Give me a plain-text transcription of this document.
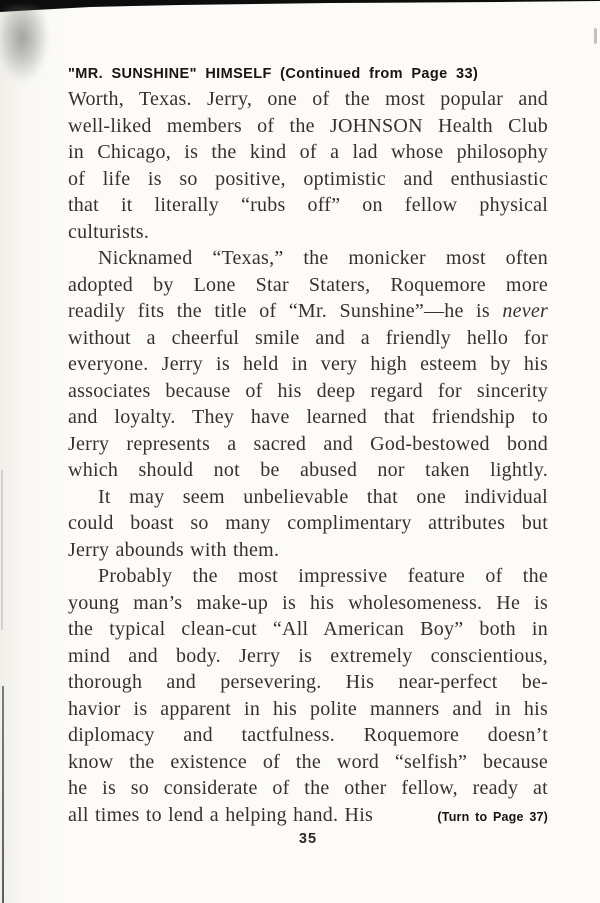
"MR. SUNSHINE" HIMSELF (Continued from Page 33)
Worth, Texas. Jerry, one of the most popular and
well-liked members of the JOHNSON Health Club
in Chicago, is the kind of a lad whose philosophy
of life is so positive, optimistic and enthusiastic
that it literally “rubs off” on fellow physical
culturists.
Nicknamed “Texas,” the monicker most often
adopted by Lone Star Staters, Roquemore more
readily fits the title of “Mr. Sunshine”—he is never
without a cheerful smile and a friendly hello for
everyone. Jerry is held in very high esteem by his
associates because of his deep regard for sincerity
and loyalty. They have learned that friendship to
Jerry represents a sacred and God-bestowed bond
which should not be abused nor taken lightly.
It may seem unbelievable that one individual
could boast so many complimentary attributes but
Jerry abounds with them.
Probably the most impressive feature of the
young man’s make-up is his wholesomeness. He is
the typical clean-cut “All American Boy” both in
mind and body. Jerry is extremely conscientious,
thorough and persevering. His near-perfect be-
havior is apparent in his polite manners and in his
diplomacy and tactfulness. Roquemore doesn’t
know the existence of the word “selfish” because
he is so considerate of the other fellow, ready at
all times to lend a helping hand. His	(Turn to Page 37)
35
